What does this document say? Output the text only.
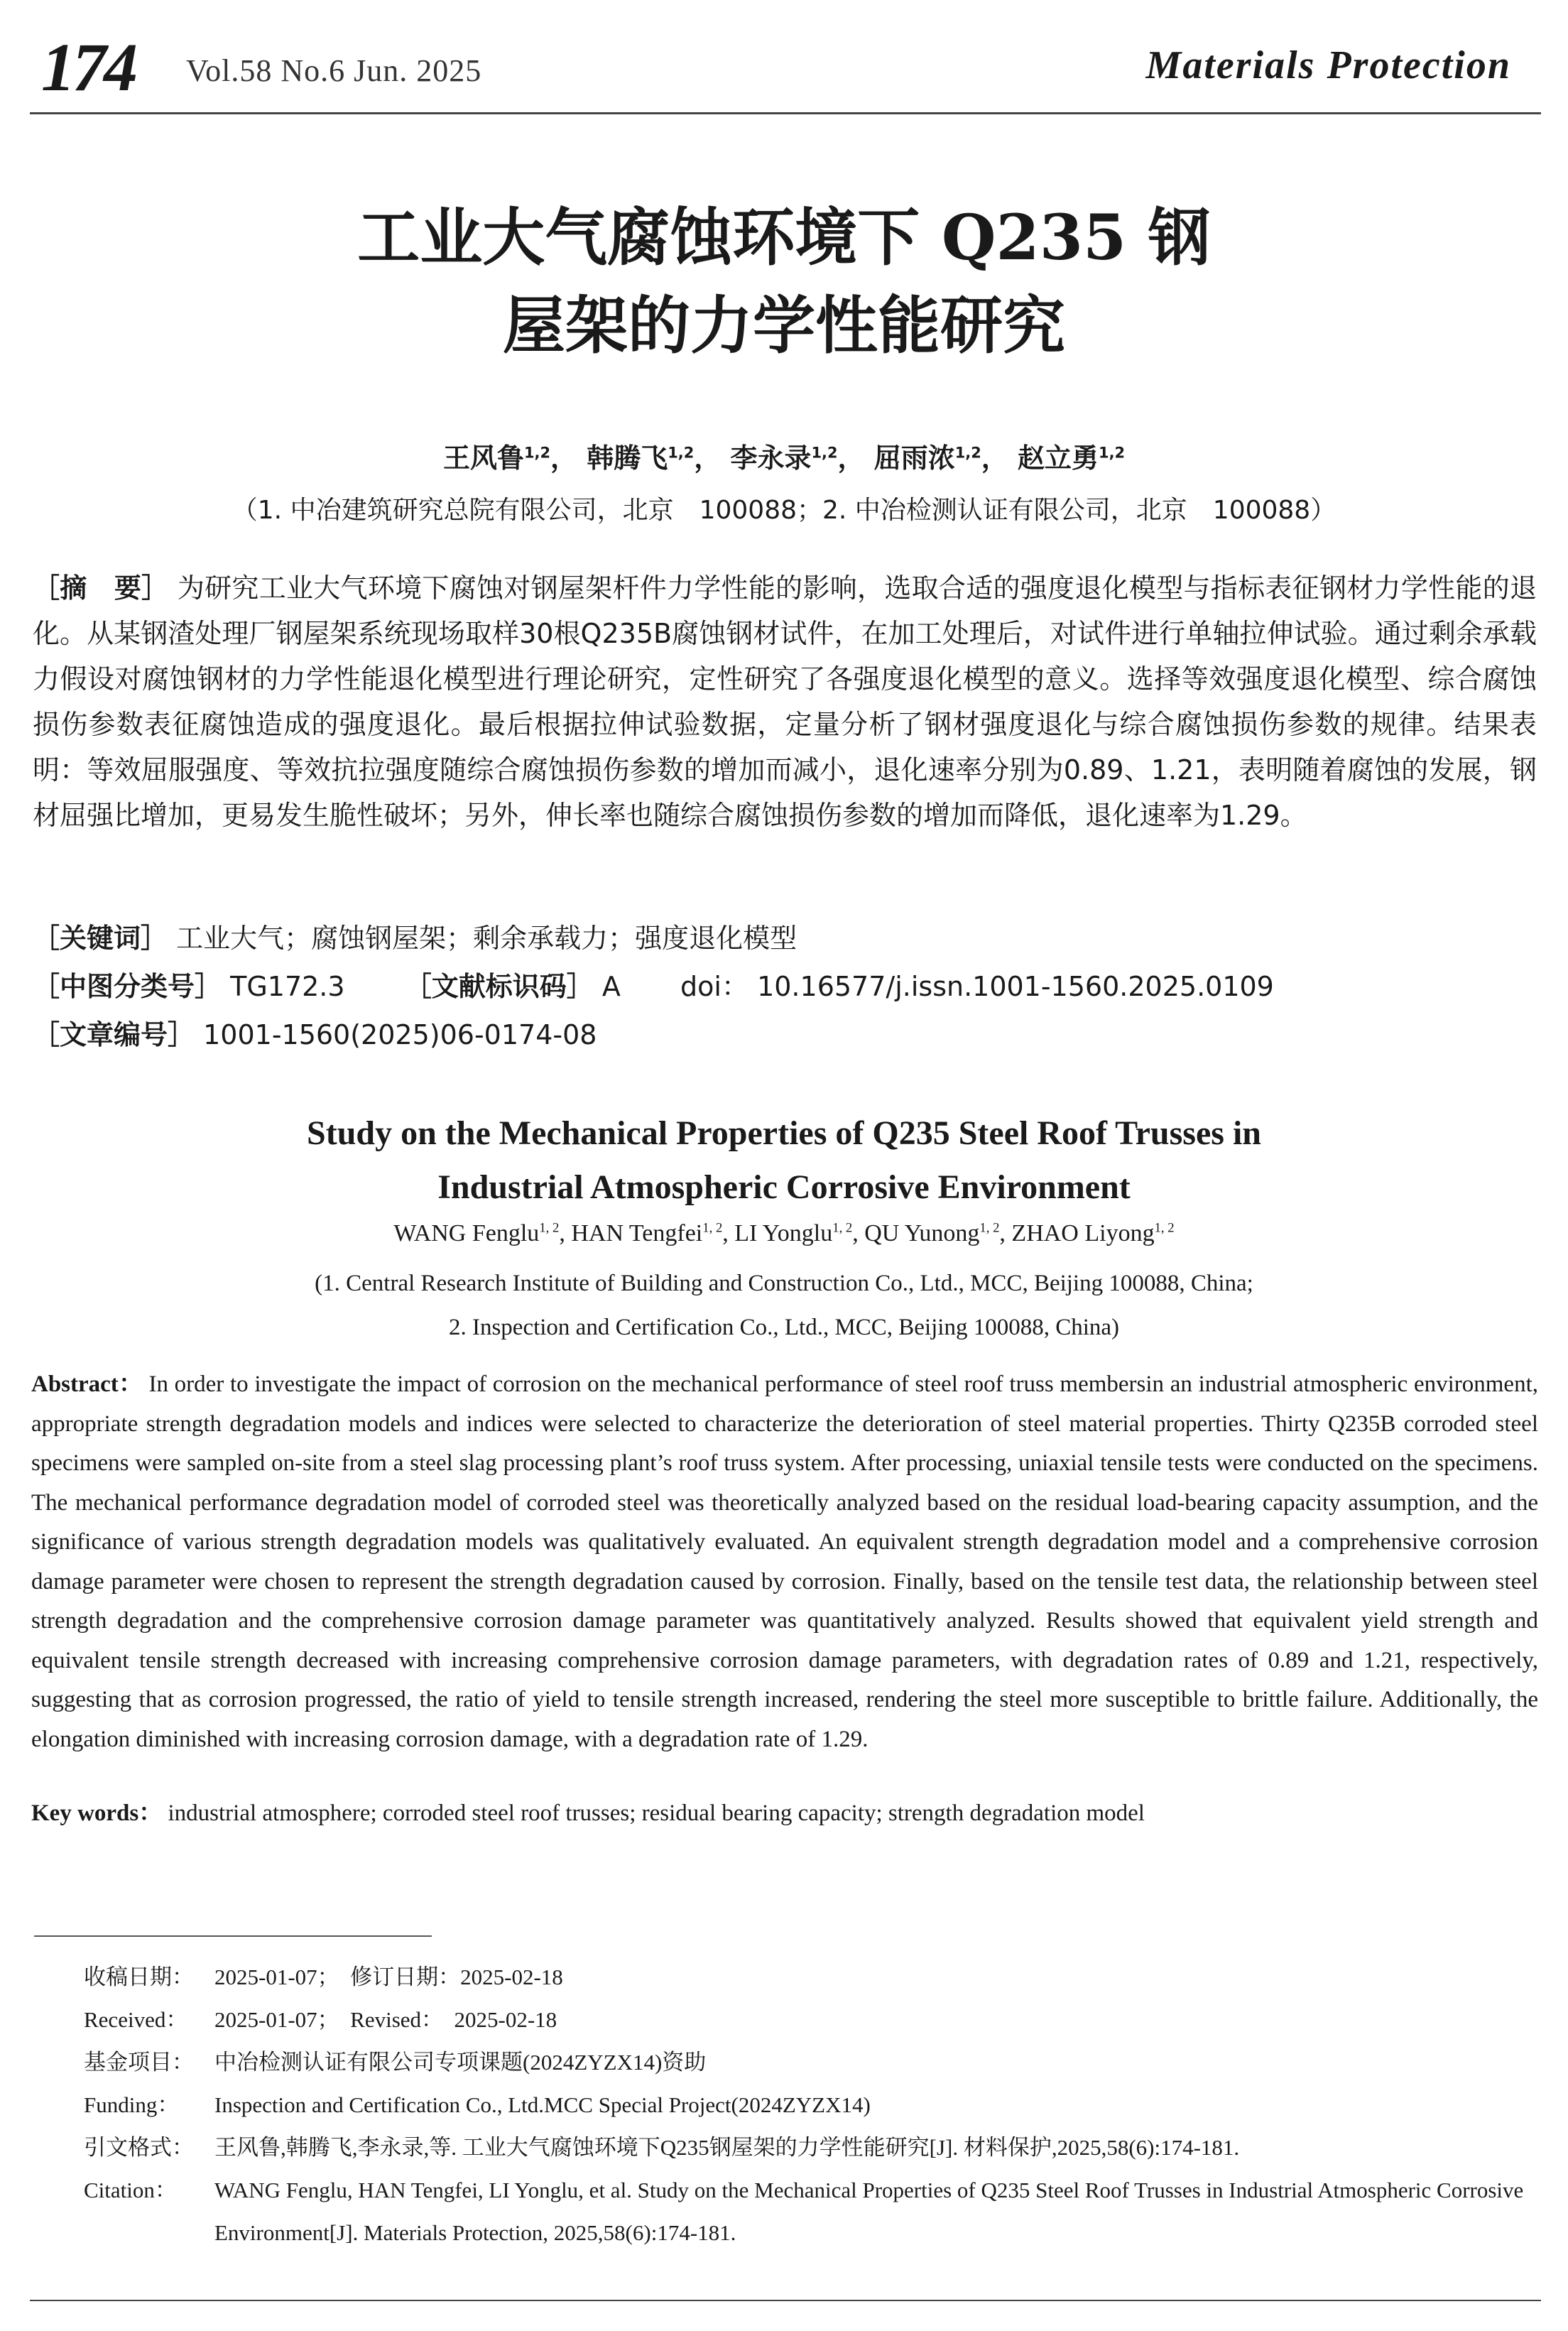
174 Vol.58 No.6 Jun. 2025	Materials Protection
工业大气腐蚀环境下 Q235 钢
屋架的力学性能研究
王风鲁$^{1,2}$， 韩腾飞$^{1,2}$， 李永录$^{1,2}$， 屈雨浓$^{1,2}$， 赵立勇$^{1,2}$
（1. 中冶建筑研究总院有限公司，北京　100088；2. 中冶检测认证有限公司，北京　100088）
［摘　要］ 为研究工业大气环境下腐蚀对钢屋架杆件力学性能的影响，选取合适的强度退化模型与指标表征钢材力学性能的退化。从某钢渣处理厂钢屋架系统现场取样30根Q235B腐蚀钢材试件，在加工处理后，对试件进行单轴拉伸试验。通过剩余承载力假设对腐蚀钢材的力学性能退化模型进行理论研究，定性研究了各强度退化模型的意义。选择等效强度退化模型、综合腐蚀损伤参数表征腐蚀造成的强度退化。最后根据拉伸试验数据，定量分析了钢材强度退化与综合腐蚀损伤参数的规律。结果表明：等效屈服强度、等效抗拉强度随综合腐蚀损伤参数的增加而减小，退化速率分别为0.89、1.21，表明随着腐蚀的发展，钢材屈强比增加，更易发生脆性破坏；另外，伸长率也随综合腐蚀损伤参数的增加而降低，退化速率为1.29。
［关键词］ 工业大气；腐蚀钢屋架；剩余承载力；强度退化模型
［中图分类号］ TG172.3 ［文献标识码］ A doi： 10.16577/j.issn.1001-1560.2025.0109
［文章编号］ 1001-1560(2025)06-0174-08
Study on the Mechanical Properties of Q235 Steel Roof Trusses in
Industrial Atmospheric Corrosive Environment
WANG Fenglu$^{1, 2}$, HAN Tengfei$^{1, 2}$, LI Yonglu$^{1, 2}$, QU Yunong$^{1, 2}$, ZHAO Liyong$^{1, 2}$
(1. Central Research Institute of Building and Construction Co., Ltd., MCC, Beijing 100088, China;
2. Inspection and Certification Co., Ltd., MCC, Beijing 100088, China)
Abstract： In order to investigate the impact of corrosion on the mechanical performance of steel roof truss membersin an industrial atmospheric environment, appropriate strength degradation models and indices were selected to characterize the deterioration of steel material properties. Thirty Q235B corroded steel specimens were sampled on-site from a steel slag processing plant’s roof truss system. After processing, uniaxial tensile tests were conducted on the specimens. The mechanical performance degradation model of corroded steel was theoretically analyzed based on the residual load-bearing capacity assumption, and the significance of various strength degradation models was qualitatively evaluated. An equivalent strength degradation model and a comprehensive corrosion damage parameter were chosen to represent the strength degradation caused by corrosion. Finally, based on the tensile test data, the relationship between steel strength degradation and the comprehensive corrosion damage parameter was quantitatively analyzed. Results showed that equivalent yield strength and equivalent tensile strength decreased with increasing comprehensive corrosion damage parameters, with degradation rates of 0.89 and 1.21, respectively, suggesting that as corrosion progressed, the ratio of yield to tensile strength increased, rendering the steel more susceptible to brittle failure. Additionally, the elongation diminished with increasing corrosion damage, with a degradation rate of 1.29.
Key words： industrial atmosphere; corroded steel roof trusses; residual bearing capacity; strength degradation model
收稿日期： 2025-01-07；　修订日期：2025-02-18
Received：	2025-01-07；　Revised：　2025-02-18
基金项目： 中冶检测认证有限公司专项课题(2024ZYZX14)资助
Funding：	Inspection and Certification Co., Ltd.MCC Special Project(2024ZYZX14)
引文格式： 王风鲁,韩腾飞,李永录,等. 工业大气腐蚀环境下Q235钢屋架的力学性能研究[J]. 材料保护,2025,58(6):174-181.
Citation：	WANG Fenglu, HAN Tengfei, LI Yonglu, et al. Study on the Mechanical Properties of Q235 Steel Roof Trusses in Industrial Atmospheric Corrosive Environment[J]. Materials Protection, 2025,58(6):174-181.
